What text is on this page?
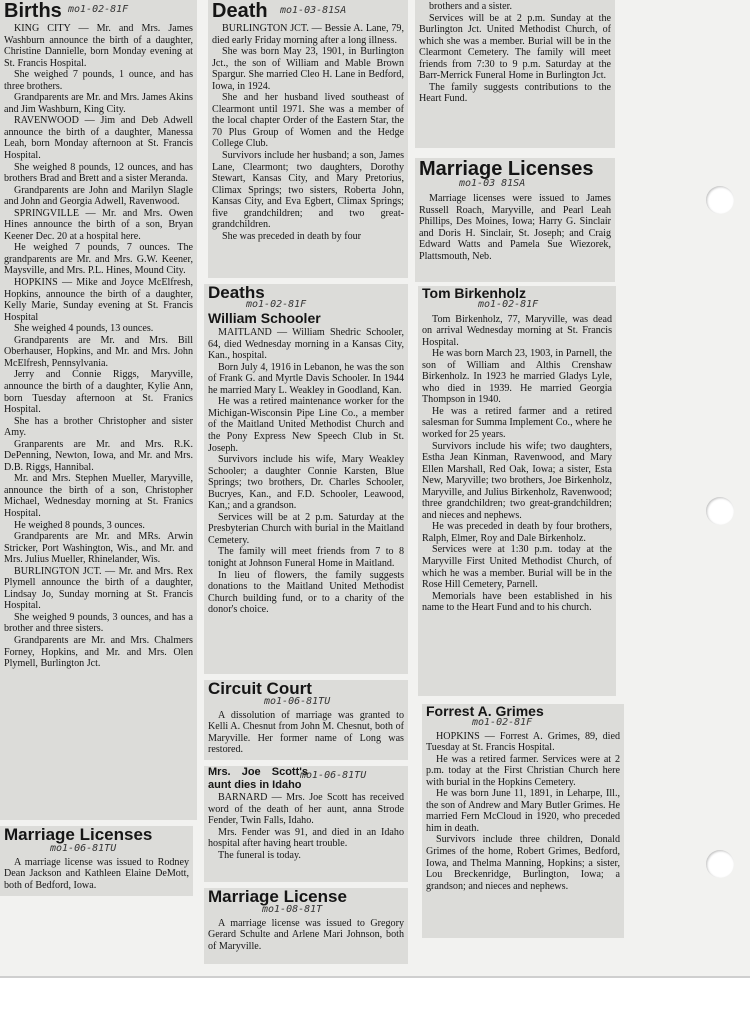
Births mo1-02-81F

KING CITY — Mr. and Mrs. James Washburn announce the birth of a daughter, Christine Dannielle, born Monday evening at St. Francis Hospital.

She weighed 7 pounds, 1 ounce, and has three brothers.

Grandparents are Mr. and Mrs. James Akins and Jim Washburn, King City.

RAVENWOOD — Jim and Deb Adwell announce the birth of a daughter, Manessa Leah, born Monday afternoon at St. Francis Hospital.

She weighed 8 pounds, 12 ounces, and has brothers Brad and Brett and a sister Meranda.

Grandparents are John and Marilyn Slagle and John and Georgia Adwell, Ravenwood.

SPRINGVILLE — Mr. and Mrs. Owen Hines announce the birth of a son, Bryan Keener Dec. 20 at a hospital here.

He weighed 7 pounds, 7 ounces. The grandparents are Mr. and Mrs. G.W. Keener, Maysville, and Mrs. P.L. Hines, Mound City.

HOPKINS — Mike and Joyce McElfresh, Hopkins, announce the birth of a daughter, Kelly Marie, Sunday evening at St. Francis Hospital

She weighed 4 pounds, 13 ounces.

Grandparents are Mr. and Mrs. Bill Oberhauser, Hopkins, and Mr. and Mrs. John McElfresh, Pennsylvania.

Jerry and Connie Riggs, Maryville, announce the birth of a daughter, Kylie Ann, born Tuesday afternoon at St. Franics Hospital.

She has a brother Christopher and sister Amy.

Granparents are Mr. and Mrs. R.K. DePenning, Newton, Iowa, and Mr. and Mrs. D.B. Riggs, Hannibal.

Mr. and Mrs. Stephen Mueller, Maryville, announce the birth of a son, Christopher Michael, Wednesday morning at St. Franics Hospital.

He weighed 8 pounds, 3 ounces.

Grandparents are Mr. and MRs. Arwin Stricker, Port Washington, Wis., and Mr. and Mrs. Julius Mueller, Rhinelander, Wis.

BURLINGTON JCT. — Mr. and Mrs. Rex Plymell announce the birth of a daughter, Lindsay Jo, Sunday morning at St. Francis Hospital.

She weighed 9 pounds, 3 ounces, and has a brother and three sisters.

Grandparents are Mr. and Mrs. Chalmers Forney, Hopkins, and Mr. and Mrs. Olen Plymell, Burlington Jct.

Marriage Licenses
mo1-06-81TU

A marriage license was issued to Rodney Dean Jackson and Kathleen Elaine DeMott, both of Bedford, Iowa.

Death mo1-03-81SA

BURLINGTON JCT. — Bessie A. Lane, 79, died early Friday morning after a long illness.

She was born May 23, 1901, in Burlington Jct., the son of William and Mable Brown Spargur. She married Cleo H. Lane in Bedford, Iowa, in 1924.

She and her husband lived southeast of Clearmont until 1971. She was a member of the local chapter Order of the Eastern Star, the 70 Plus Group of Women and the Hedge College Club.

Survivors include her husband; a son, James Lane, Clearmont; two daughters, Dorothy Stewart, Kansas City, and Mary Pretorius, Climax Springs; two sisters, Roberta John, Kansas City, and Eva Egbert, Climax Springs; five grandchildren; and two great-grandchildren.

She was preceded in death by four

brothers and a sister.

Services will be at 2 p.m. Sunday at the Burlington Jct. United Methodist Church, of which she was a member. Burial will be in the Clearmont Cemetery. The family will meet friends from 7:30 to 9 p.m. Saturday at the Barr-Merrick Funeral Home in Burlington Jct.

The family suggests contributions to the Heart Fund.

Marriage Licenses
mo1-03 81SA

Marriage licenses were issued to James Russell Roach, Maryville, and Pearl Leah Phillips, Des Moines, Iowa; Harry G. Sinclair and Doris H. Sinclair, St. Joseph; and Craig Edward Watts and Pamela Sue Wiezorek, Plattsmouth, Neb.

Deaths
mo1-02-81F
William Schooler

MAITLAND — William Shedric Schooler, 64, died Wednesday morning in a Kansas City, Kan., hospital.

Born July 4, 1916 in Lebanon, he was the son of Frank G. and Myrtle Davis Schooler. In 1944 he married Mary L. Weakley in Goodland, Kan.

He was a retired maintenance worker for the Michigan-Wisconsin Pipe Line Co., a member of the Maitland United Methodist Church and the Pony Express New Speech Club in St. Joseph.

Survivors include his wife, Mary Weakley Schooler; a daughter Connie Karsten, Blue Springs; two brothers, Dr. Charles Schooler, Bucryes, Kan., and F.D. Schooler, Leawood, Kan,; and a grandson.

Services will be at 2 p.m. Saturday at the Presbyterian Church with burial in the Maitland Cemetery.

The family will meet friends from 7 to 8 tonight at Johnson Funeral Home in Maitland.

In lieu of flowers, the family suggests donations to the Maitland United Methodist Church building fund, or to a charity of the donor's choice.

Tom Birkenholz
mo1-02-81F

Tom Birkenholz, 77, Maryville, was dead on arrival Wednesday morning at St. Francis Hospital.

He was born March 23, 1903, in Parnell, the son of William and Althis Crenshaw Birkenholz. In 1923 he married Gladys Lyle, who died in 1939. He married Georgia Thompson in 1940.

He was a retired farmer and a retired salesman for Summa Implement Co., where he worked for 25 years.

Survivors include his wife; two daughters, Estha Jean Kinman, Ravenwood, and Mary Ellen Marshall, Red Oak, Iowa; a sister, Esta New, Maryville; two brothers, Joe Birkenholz, Maryville, and Julius Birkenholz, Ravenwood; three grandchildren; two great-grandchildren; and nieces and nephews.

He was preceded in death by four brothers, Ralph, Elmer, Roy and Dale Birkenholz.

Services were at 1:30 p.m. today at the Maryville First United Methodist Church, of which he was a member. Burial will be in the Rose Hill Cemetery, Parnell.

Memorials have been established in his name to the Heart Fund and to his church.

Circuit Court
mo1-06-81TU

A dissolution of marriage was granted to Kelli A. Chesnut from John M. Chesnut, both of Maryville. Her former name of Long was restored.

Mrs. Joe Scott's aunt dies in Idaho
mo1-06-81TU

BARNARD — Mrs. Joe Scott has received word of the death of her aunt, anna Strode Fender, Twin Falls, Idaho.

Mrs. Fender was 91, and died in an Idaho hospital after having heart trouble.

The funeral is today.

Marriage License
mo1-08-81T

A marriage license was issued to Gregory Gerard Schulte and Arlene Mari Johnson, both of Maryville.

Forrest A. Grimes
mo1-02-81F

HOPKINS — Forrest A. Grimes, 89, died Tuesday at St. Francis Hospital.

He was a retired farmer. Services were at 2 p.m. today at the First Christian Church here with burial in the Hopkins Cemetery.

He was born June 11, 1891, in Leharpe, Ill., the son of Andrew and Mary Butler Grimes. He married Fern McCloud in 1920, who preceded him in death.

Survivors include three children, Donald Grimes of the home, Robert Grimes, Bedford, Iowa, and Thelma Manning, Hopkins; a sister, Lou Breckenridge, Burlington, Iowa; a grandson; and nieces and nephews.
